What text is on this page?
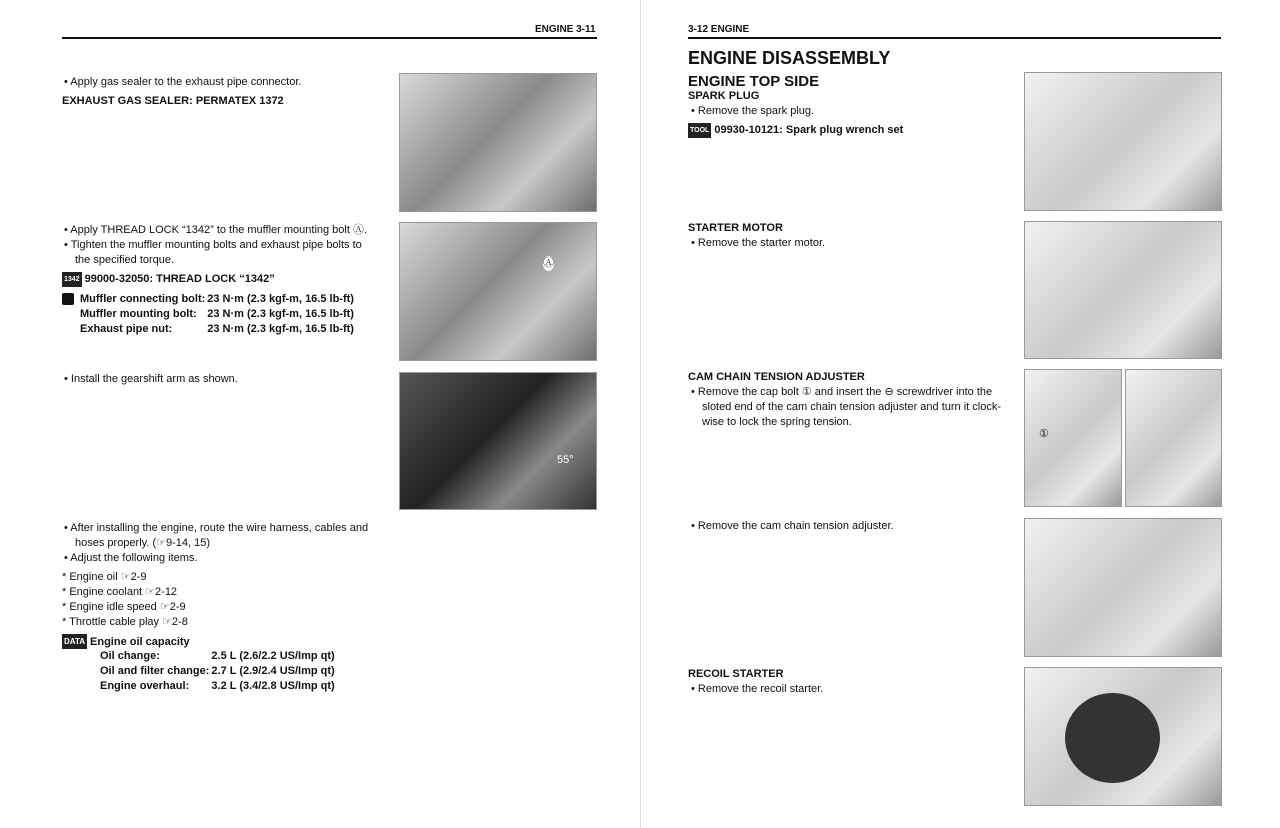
ENGINE 3-11
• Apply gas sealer to the exhaust pipe connector.
EXHAUST GAS SEALER: PERMATEX 1372
• Apply THREAD LOCK “1342” to the muffler mounting bolt Ⓐ.
• Tighten the muffler mounting bolts and exhaust pipe bolts to
the specified torque.
1342 99000-32050: THREAD LOCK “1342”
Muffler connecting bolt:	23 N·m (2.3 kgf-m, 16.5 lb-ft)
Muffler mounting bolt:	23 N·m (2.3 kgf-m, 16.5 lb-ft)
Exhaust pipe nut:	23 N·m (2.3 kgf-m, 16.5 lb-ft)
Ⓐ
• Install the gearshift arm as shown.
55°
• After installing the engine, route the wire harness, cables and
hoses properly. (☞9-14, 15)
• Adjust the following items.
* Engine oil ☞2-9
* Engine coolant ☞2-12
* Engine idle speed ☞2-9
* Throttle cable play ☞2-8
DATA Engine oil capacity
Oil change:	2.5 L (2.6/2.2 US/Imp qt)
Oil and filter change:	2.7 L (2.9/2.4 US/Imp qt)
Engine overhaul:	3.2 L (3.4/2.8 US/Imp qt)
3-12 ENGINE
ENGINE DISASSEMBLY
ENGINE TOP SIDE
SPARK PLUG
• Remove the spark plug.
TOOL 09930-10121: Spark plug wrench set
STARTER MOTOR
• Remove the starter motor.
CAM CHAIN TENSION ADJUSTER
• Remove the cap bolt ① and insert the ⊖ screwdriver into the
sloted end of the cam chain tension adjuster and turn it clock-
wise to lock the spring tension.
①
• Remove the cam chain tension adjuster.
RECOIL STARTER
• Remove the recoil starter.
